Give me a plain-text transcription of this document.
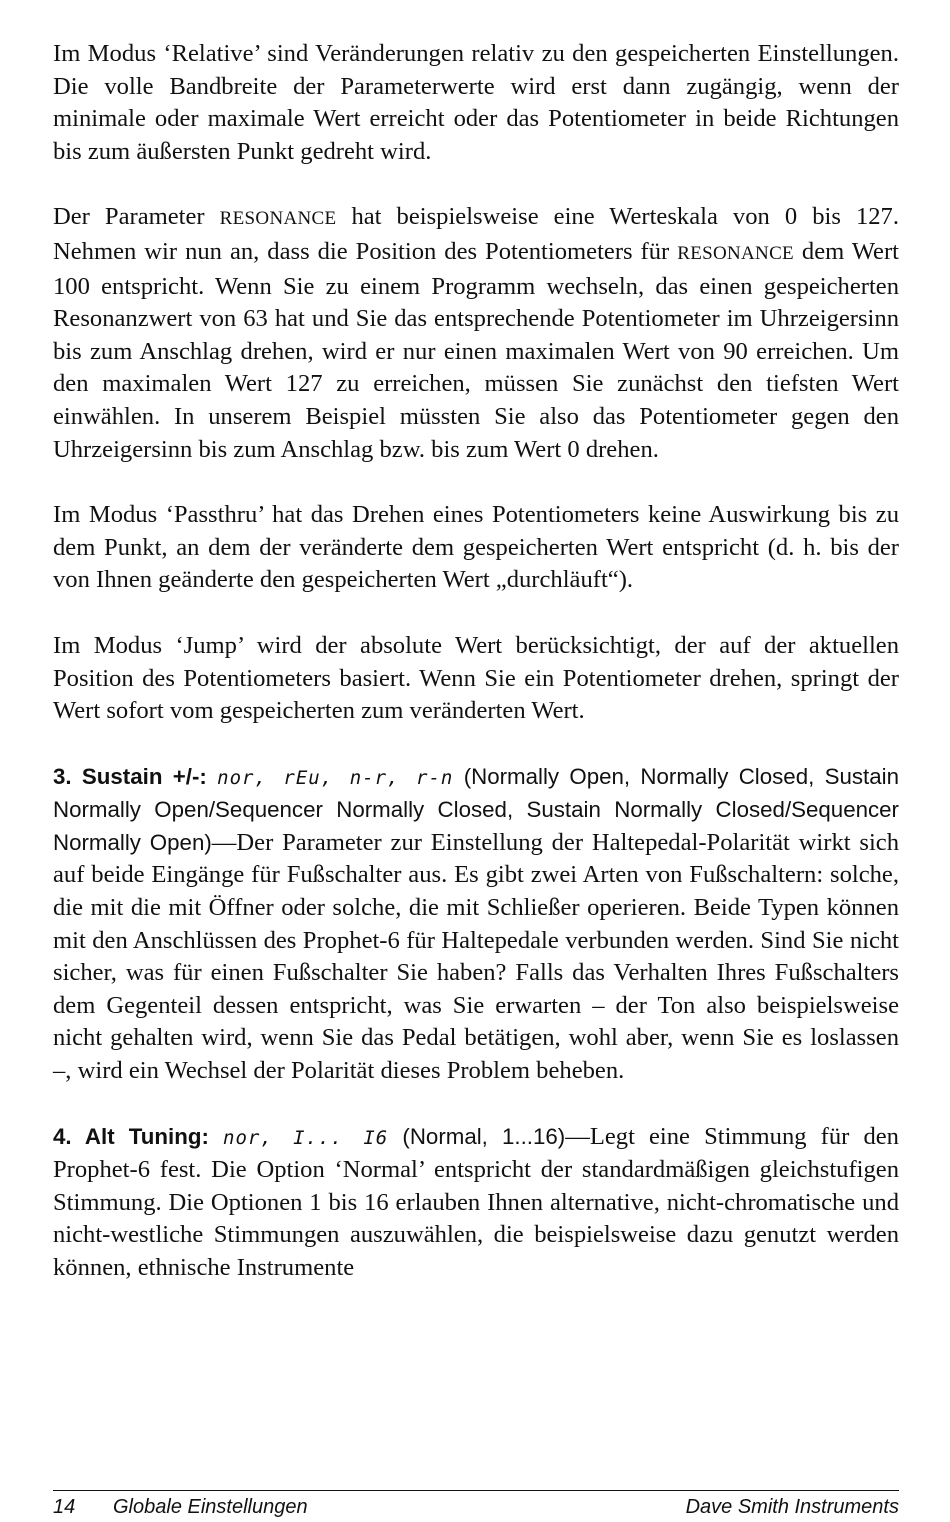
Im Modus ‘Relative’ sind Veränderungen relativ zu den gespeicherten Einstellungen. Die volle Bandbreite der Parameterwerte wird erst dann zugängig, wenn der minimale oder maximale Wert erreicht oder das Potentiometer in beide Richtungen bis zum äußersten Punkt gedreht wird.

Der Parameter RESONANCE hat beispielsweise eine Werteskala von 0 bis 127. Nehmen wir nun an, dass die Position des Potentiometers für RESONANCE dem Wert 100 entspricht. Wenn Sie zu einem Programm wechseln, das einen gespeicherten Resonanzwert von 63 hat und Sie das entsprechende Potentiometer im Uhrzeigersinn bis zum Anschlag drehen, wird er nur einen maximalen Wert von 90 erreichen. Um den maximalen Wert 127 zu erreichen, müssen Sie zunächst den tiefsten Wert einwählen. In unserem Beispiel müssten Sie also das Potentiometer gegen den Uhrzeigersinn bis zum Anschlag bzw. bis zum Wert 0 drehen.

Im Modus ‘Passthru’ hat das Drehen eines Potentiometers keine Auswirkung bis zu dem Punkt, an dem der veränderte dem gespeicherten Wert entspricht (d. h. bis der von Ihnen geänderte den gespeicherten Wert „durchläuft“).

Im Modus ‘Jump’ wird der absolute Wert berücksichtigt, der auf der aktuellen Position des Potentiometers basiert. Wenn Sie ein Potentiometer drehen, springt der Wert sofort vom gespeicherten zum veränderten Wert.

3. Sustain +/-: nor, rEu, n-r, r-n (Normally Open, Normally Closed, Sustain Normally Open/Sequencer Normally Closed, Sustain Normally Closed/Sequencer Normally Open)—Der Parameter zur Einstellung der Haltepedal-Polarität wirkt sich auf beide Eingänge für Fußschalter aus. Es gibt zwei Arten von Fußschaltern: solche, die mit die mit Öffner oder solche, die mit Schließer operieren. Beide Typen können mit den Anschlüssen des Prophet-6 für Haltepedale verbunden werden. Sind Sie nicht sicher, was für einen Fußschalter Sie haben? Falls das Verhalten Ihres Fußschalters dem Gegenteil dessen entspricht, was Sie erwarten – der Ton also beispielsweise nicht gehalten wird, wenn Sie das Pedal betätigen, wohl aber, wenn Sie es loslassen –, wird ein Wechsel der Polarität dieses Problem beheben.

4. Alt Tuning: nor, I... I6 (Normal, 1...16)—Legt eine Stimmung für den Prophet-6 fest. Die Option ‘Normal’ entspricht der standardmäßigen gleichstufigen Stimmung. Die Optionen 1 bis 16 erlauben Ihnen alternative, nicht-chromatische und nicht-westliche Stimmungen auszuwählen, die beispielsweise dazu genutzt werden können, ethnische Instrumente

14	Globale Einstellungen	Dave Smith Instruments
